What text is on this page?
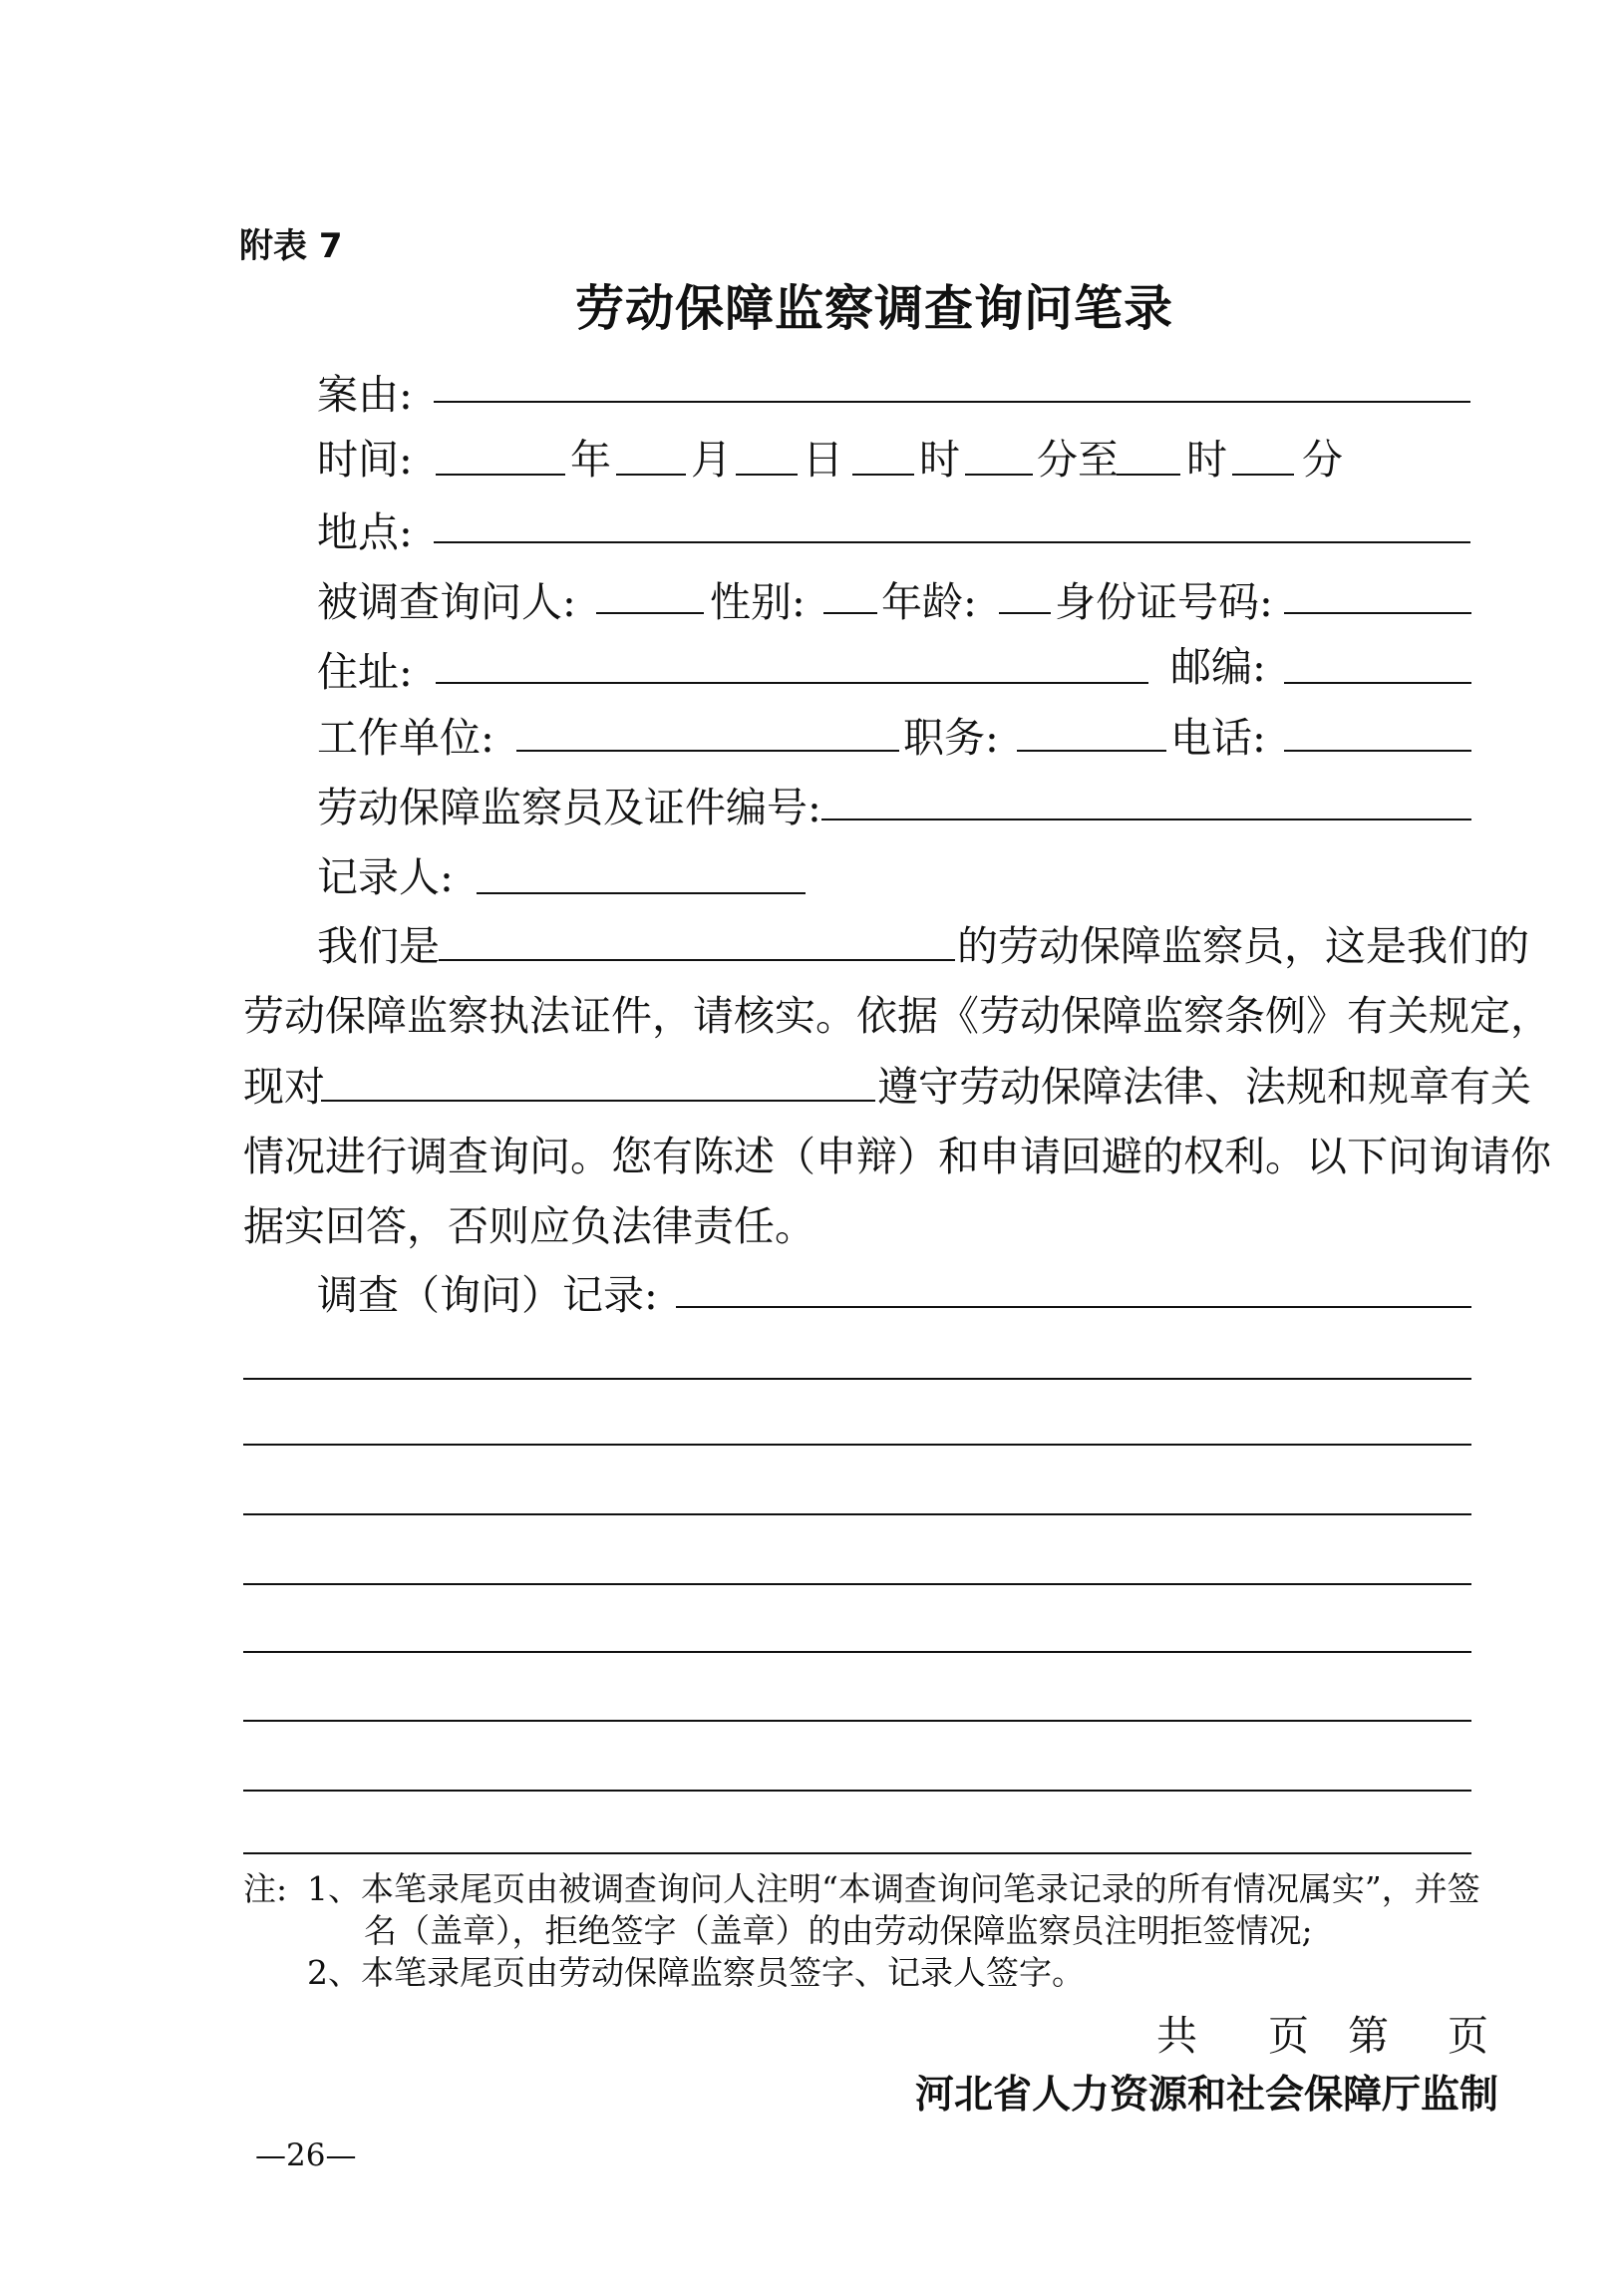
附表 7
劳动保障监察调查询问笔录
案由:
时间:	年 月 日 时 分至 时 分
地点:
被调查询问人:	性别: 年龄: 身份证号码:
住址:	邮编:
工作单位:	职务:	电话:
劳动保障监察员及证件编号:
记录人:
我们是	的劳动保障监察员，这是我们的
劳动保障监察执法证件，请核实。依据《劳动保障监察条例》有关规定，
现对	遵守劳动保障法律、法规和规章有关
情况进行调查询问。您有陈述（申辩）和申请回避的权利。以下问询请你
据实回答，否则应负法律责任。
调查（询问）记录:
注: 1、本笔录尾页由被调查询问人注明“本调查询问笔录记录的所有情况属实”，并签
名（盖章），拒绝签字（盖章）的由劳动保障监察员注明拒签情况;
2、本笔录尾页由劳动保障监察员签字、记录人签字。
共 页 第 页
河北省人力资源和社会保障厅监制
—26—
